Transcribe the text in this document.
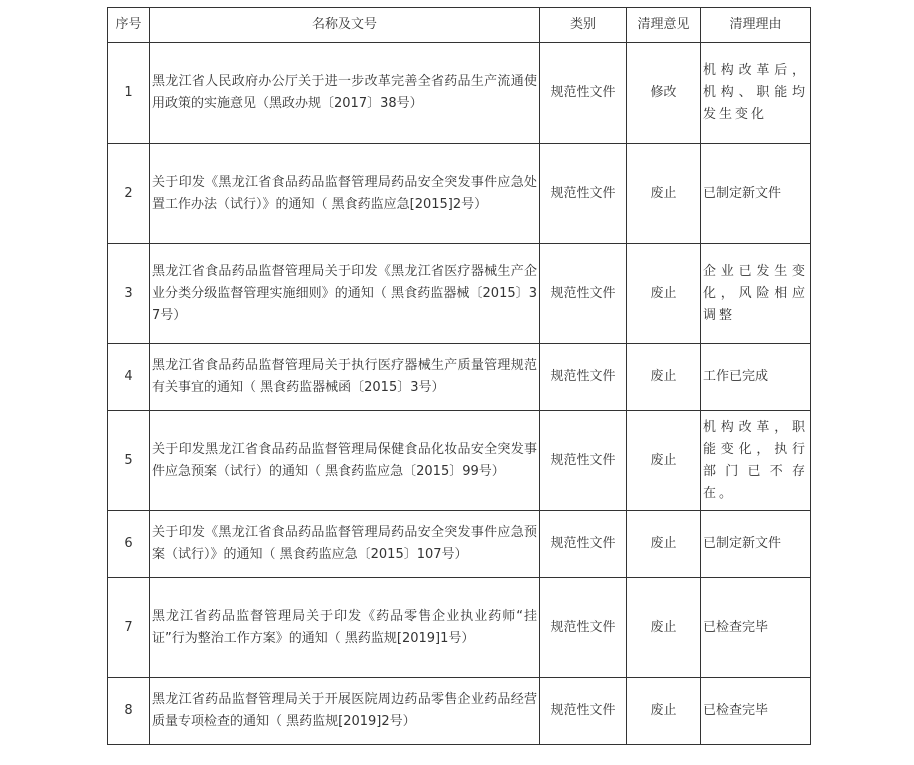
序号	名称及文号	类别	清理意见	清理理由
1	黑龙江省人民政府办公厅关于进一步改革完善全省药品生产流通使用政策的实施意见（黑政办规〔2017〕38号）	规范性文件	修改	机构改革后，机构、职能均发生变化
2	关于印发《黑龙江省食品药品监督管理局药品安全突发事件应急处置工作办法（试行）》的通知（ 黑食药监应急[2015]2号）	规范性文件	废止	已制定新文件
3	黑龙江省食品药品监督管理局关于印发《黑龙江省医疗器械生产企业分类分级监督管理实施细则》的通知（ 黑食药监器械〔2015〕37号）	规范性文件	废止	企业已发生变化，风险相应调整
4	黑龙江省食品药品监督管理局关于执行医疗器械生产质量管理规范有关事宜的通知（ 黑食药监器械函〔2015〕3号）	规范性文件	废止	工作已完成
5	关于印发黑龙江省食品药品监督管理局保健食品化妆品安全突发事件应急预案（试行）的通知（ 黑食药监应急〔2015〕99号）	规范性文件	废止	机构改革，职能变化，执行部门已不存在。
6	关于印发《黑龙江省食品药品监督管理局药品安全突发事件应急预案（试行）》的通知（ 黑食药监应急〔2015〕107号）	规范性文件	废止	已制定新文件
7	黑龙江省药品监督管理局关于印发《药品零售企业执业药师“挂证”行为整治工作方案》的通知（ 黑药监规[2019]1号）	规范性文件	废止	已检查完毕
8	黑龙江省药品监督管理局关于开展医院周边药品零售企业药品经营质量专项检查的通知（ 黑药监规[2019]2号）	规范性文件	废止	已检查完毕
